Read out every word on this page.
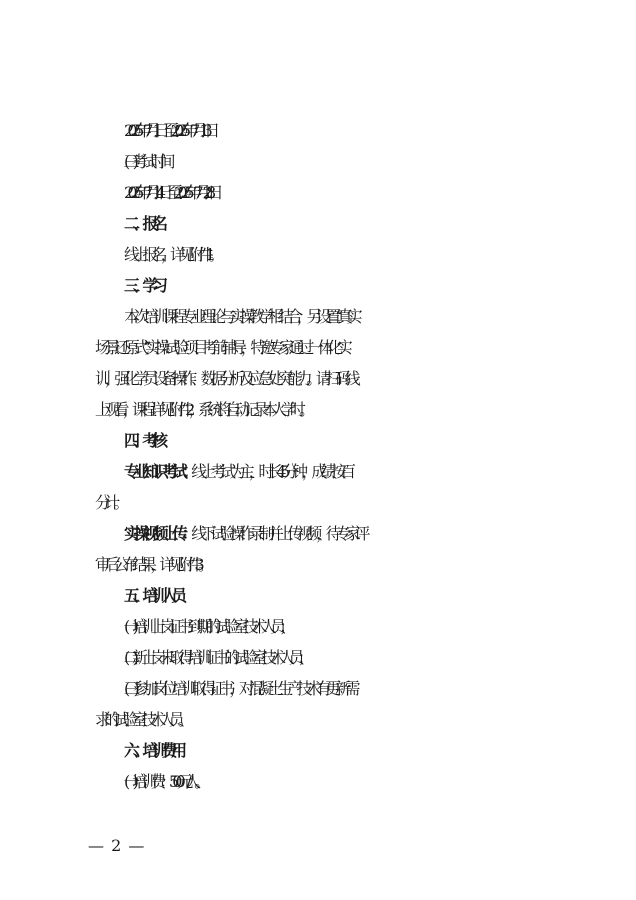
2025 年 7 月 1 日至 2025 年 7 月 13 日
(三)考试时间
2025 年 7 月 14 日至 2025 年 7 月 28 日
二 、报名
线上报名，详见附件 1。
三 、学习
本次培训课程专业理论与实操教学相结合，另设置“真实
场景还原式”实操试验项目考前辅导，特邀专家通过一体化实
训，强化学员设备操作、数据分析及应急处突能力。请扫码线
上观看，课程详见附件 2，系统将自动记录本人学时。
四 、考核
专业知识考试：线上考试为主，时长 45 分钟，成绩按百
分计。
实操视频上传：线下试验操作录制并上传视频，待专家评
审后公布结果，详见附件 3。
五 、培训人员
(一)培训上岗证书到期的试验室技术人员；
(二)新上岗未取得培训证书的试验室技术人员；
(三)参加岗位培训取得证书，对混凝土生产技术有更新需
求的试验室技术人员。
六 、培训费用
(一)培训费：500 元/人。
— 2 —
